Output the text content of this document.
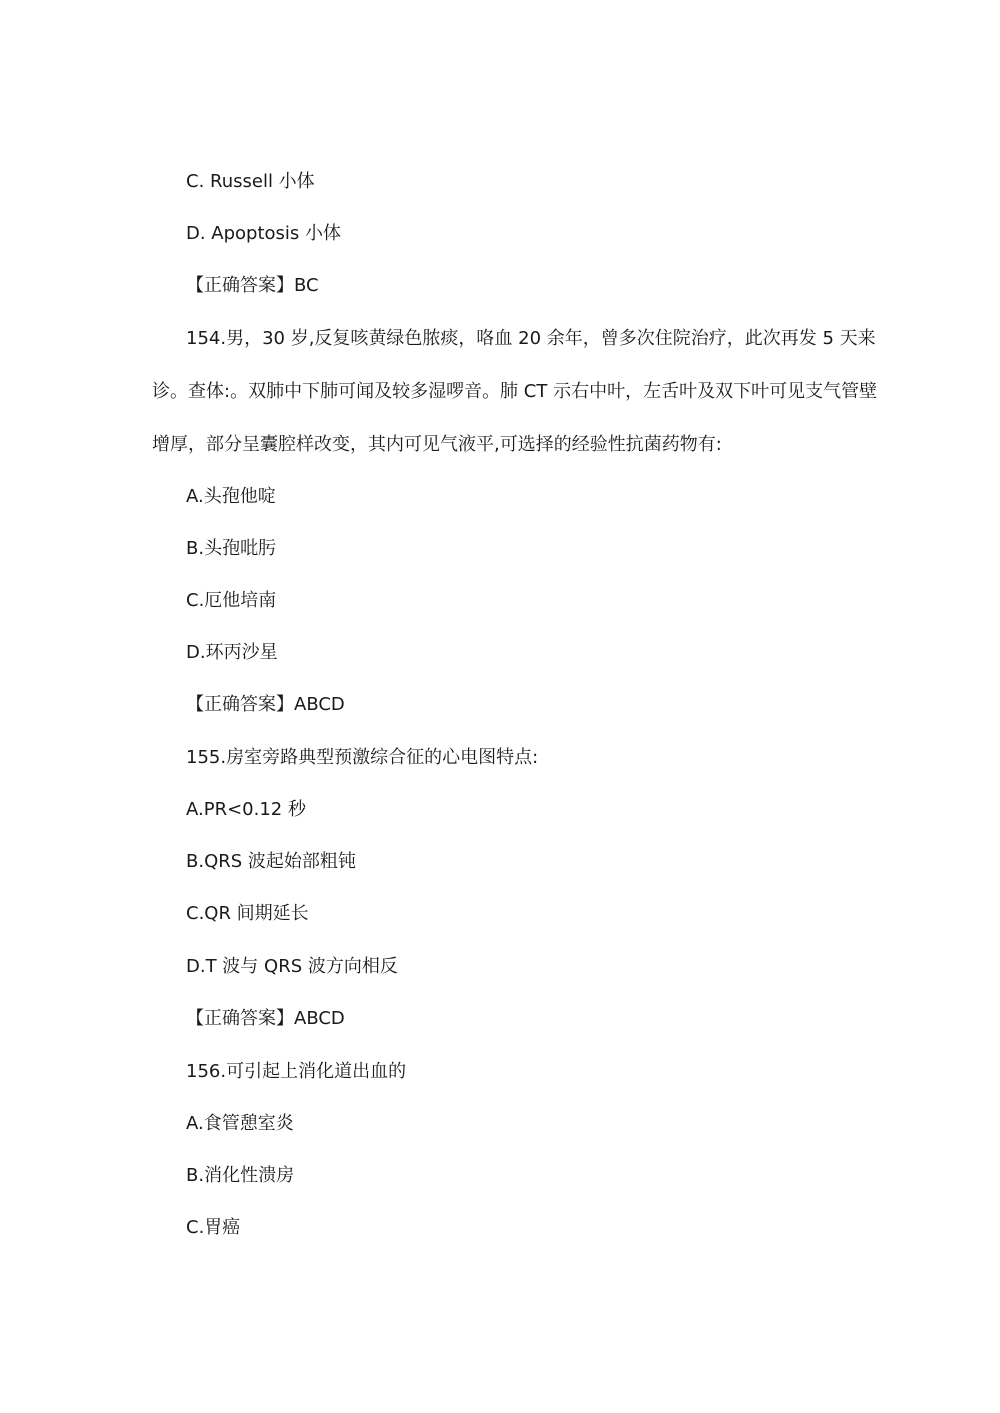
C. Russell 小体
D. Apoptosis 小体
【正确答案】BC
154.男，30 岁,反复咳黄绿色脓痰，咯血 20 余年，曾多次住院治疗，此次再发 5 天来
诊。查体:。双肺中下肺可闻及较多湿啰音。肺 CT 示右中叶，左舌叶及双下叶可见支气管壁
增厚，部分呈囊腔样改变，其内可见气液平,可选择的经验性抗菌药物有:
A.头孢他啶
B.头孢吡肟
C.厄他培南
D.环丙沙星
【正确答案】ABCD
155.房室旁路典型预激综合征的心电图特点:
A.PR<0.12 秒
B.QRS 波起始部粗钝
C.QR 间期延长
D.T 波与 QRS 波方向相反
【正确答案】ABCD
156.可引起上消化道出血的
A.食管憩室炎
B.消化性溃房
C.胃癌
